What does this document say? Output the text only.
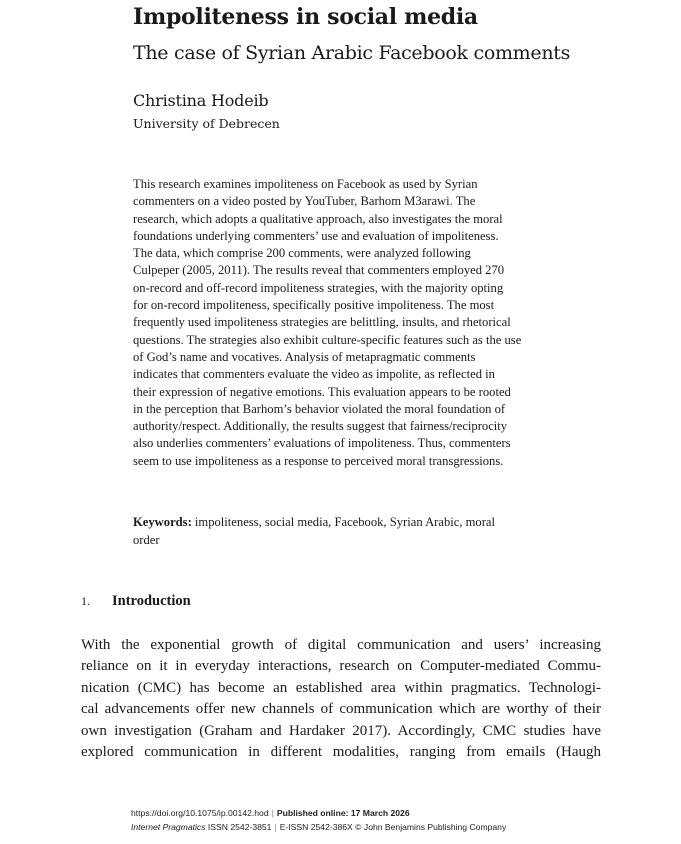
Impoliteness in social media
The case of Syrian Arabic Facebook comments
Christina Hodeib
University of Debrecen
This research examines impoliteness on Facebook as used by Syrian
commenters on a video posted by YouTuber, Barhom M3arawi. The
research, which adopts a qualitative approach, also investigates the moral
foundations underlying commenters’ use and evaluation of impoliteness.
The data, which comprise 200 comments, were analyzed following
Culpeper (2005, 2011). The results reveal that commenters employed 270
on-record and off-record impoliteness strategies, with the majority opting
for on-record impoliteness, specifically positive impoliteness. The most
frequently used impoliteness strategies are belittling, insults, and rhetorical
questions. The strategies also exhibit culture-specific features such as the use
of God’s name and vocatives. Analysis of metapragmatic comments
indicates that commenters evaluate the video as impolite, as reflected in
their expression of negative emotions. This evaluation appears to be rooted
in the perception that Barhom’s behavior violated the moral foundation of
authority/respect. Additionally, the results suggest that fairness/reciprocity
also underlies commenters’ evaluations of impoliteness. Thus, commenters
seem to use impoliteness as a response to perceived moral transgressions.
Keywords: impoliteness, social media, Facebook, Syrian Arabic, moral
order
1. Introduction
With the exponential growth of digital communication and users’ increasing
reliance on it in everyday interactions, research on Computer-mediated Commu-
nication (CMC) has become an established area within pragmatics. Technologi-
cal advancements offer new channels of communication which are worthy of their
own investigation (Graham and Hardaker 2017). Accordingly, CMC studies have
explored communication in different modalities, ranging from emails (Haugh
https://doi.org/10.1075/ip.00142.hod | Published online: 17 March 2026
Internet Pragmatics ISSN 2542-3851 | E-ISSN 2542-386X © John Benjamins Publishing Company
